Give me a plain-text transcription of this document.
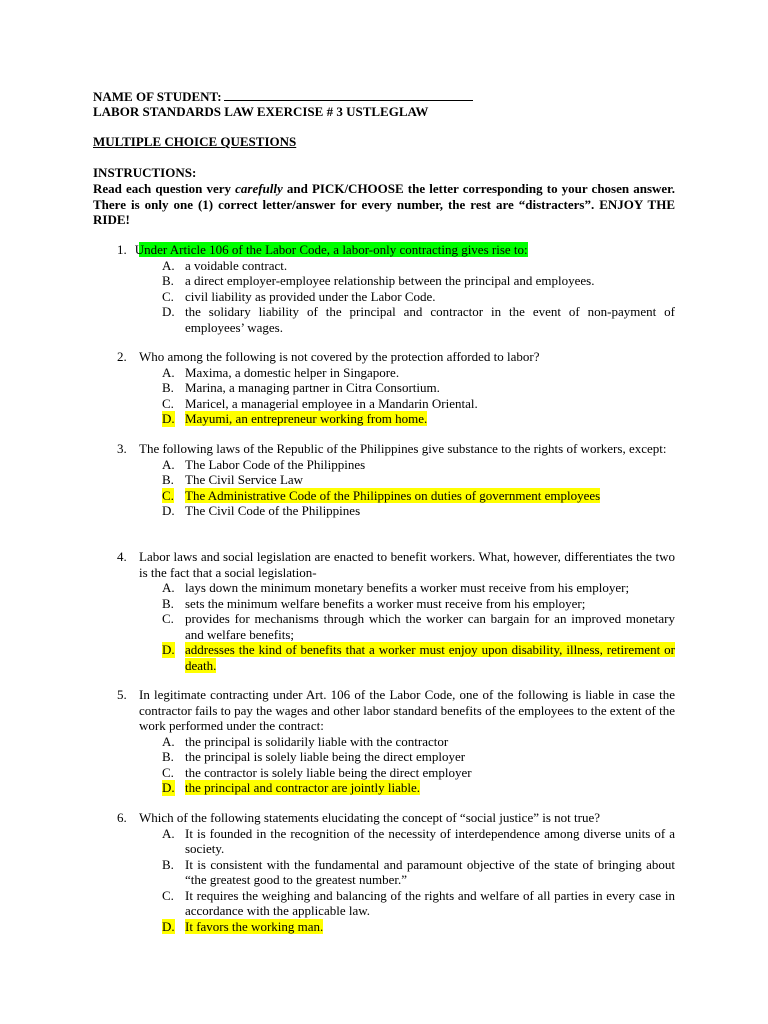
NAME OF STUDENT:
LABOR STANDARDS LAW EXERCISE # 3 USTLEGLAW
MULTIPLE CHOICE QUESTIONS
INSTRUCTIONS:
Read each question very carefully and PICK/CHOOSE the letter corresponding to your chosen answer. There is only one (1) correct letter/answer for every number, the rest are “distracters”. ENJOY THE RIDE!
1. Under Article 106 of the Labor Code, a labor-only contracting gives rise to:
A. a voidable contract.
B. a direct employer-employee relationship between the principal and employees.
C. civil liability as provided under the Labor Code.
D. the solidary liability of the principal and contractor in the event of non-payment of employees’ wages.
2. Who among the following is not covered by the protection afforded to labor?
A. Maxima, a domestic helper in Singapore.
B. Marina, a managing partner in Citra Consortium.
C. Maricel, a managerial employee in a Mandarin Oriental.
D. Mayumi, an entrepreneur working from home.
3. The following laws of the Republic of the Philippines give substance to the rights of workers, except:
A. The Labor Code of the Philippines
B. The Civil Service Law
C. The Administrative Code of the Philippines on duties of government employees
D. The Civil Code of the Philippines
4. Labor laws and social legislation are enacted to benefit workers. What, however, differentiates the two is the fact that a social legislation-
A. lays down the minimum monetary benefits a worker must receive from his employer;
B. sets the minimum welfare benefits a worker must receive from his employer;
C. provides for mechanisms through which the worker can bargain for an improved monetary and welfare benefits;
D. addresses the kind of benefits that a worker must enjoy upon disability, illness, retirement or death.
5. In legitimate contracting under Art. 106 of the Labor Code, one of the following is liable in case the contractor fails to pay the wages and other labor standard benefits of the employees to the extent of the work performed under the contract:
A. the principal is solidarily liable with the contractor
B. the principal is solely liable being the direct employer
C. the contractor is solely liable being the direct employer
D. the principal and contractor are jointly liable.
6. Which of the following statements elucidating the concept of “social justice” is not true?
A. It is founded in the recognition of the necessity of interdependence among diverse units of a society.
B. It is consistent with the fundamental and paramount objective of the state of bringing about “the greatest good to the greatest number.”
C. It requires the weighing and balancing of the rights and welfare of all parties in every case in accordance with the applicable law.
D. It favors the working man.
